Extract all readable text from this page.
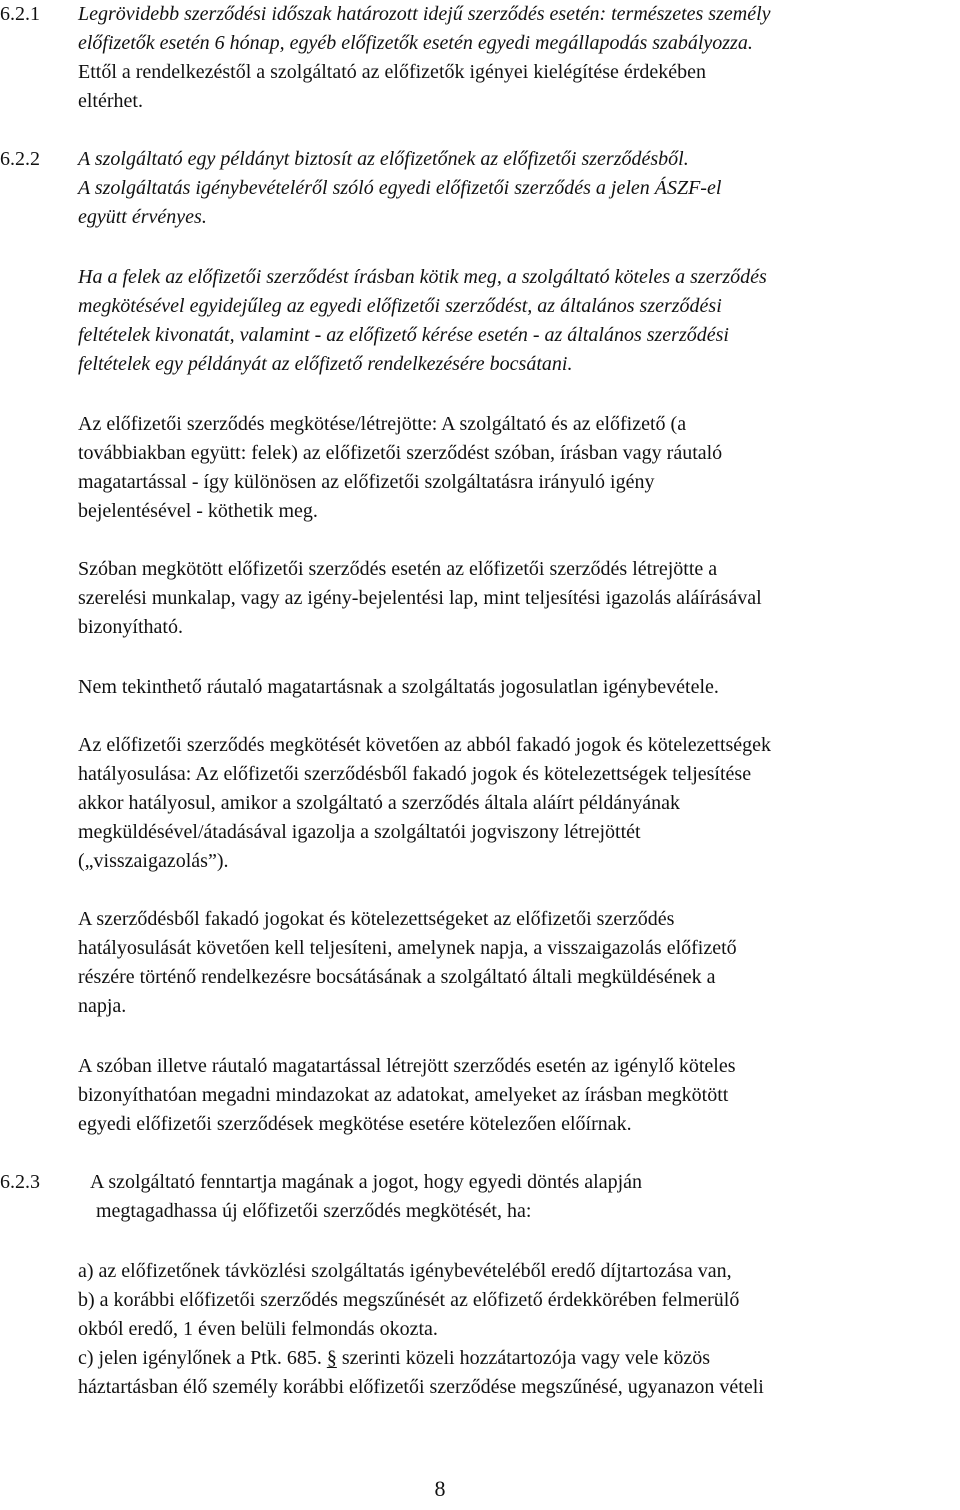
6.2.1 Legrövidebb szerződési időszak határozott idejű szerződés esetén: természetes személy
előfizetők esetén 6 hónap, egyéb előfizetők esetén egyedi megállapodás szabályozza.
Ettől a rendelkezéstől a szolgáltató az előfizetők igényei kielégítése érdekében
eltérhet.
6.2.2 A szolgáltató egy példányt biztosít az előfizetőnek az előfizetői szerződésből.
A szolgáltatás igénybevételéről szóló egyedi előfizetői szerződés a jelen ÁSZF-el
együtt érvényes.
Ha a felek az előfizetői szerződést írásban kötik meg, a szolgáltató köteles a szerződés
megkötésével egyidejűleg az egyedi előfizetői szerződést, az általános szerződési
feltételek kivonatát, valamint - az előfizető kérése esetén - az általános szerződési
feltételek egy példányát az előfizető rendelkezésére bocsátani.
Az előfizetői szerződés megkötése/létrejötte: A szolgáltató és az előfizető (a
továbbiakban együtt: felek) az előfizetői szerződést szóban, írásban vagy ráutaló
magatartással - így különösen az előfizetői szolgáltatásra irányuló igény
bejelentésével - köthetik meg.
Szóban megkötött előfizetői szerződés esetén az előfizetői szerződés létrejötte a
szerelési munkalap, vagy az igény-bejelentési lap, mint teljesítési igazolás aláírásával
bizonyítható.
Nem tekinthető ráutaló magatartásnak a szolgáltatás jogosulatlan igénybevétele.
Az előfizetői szerződés megkötését követően az abból fakadó jogok és kötelezettségek
hatályosulása: Az előfizetői szerződésből fakadó jogok és kötelezettségek teljesítése
akkor hatályosul, amikor a szolgáltató a szerződés általa aláírt példányának
megküldésével/átadásával igazolja a szolgáltatói jogviszony létrejöttét
(„visszaigazolás”).
A szerződésből fakadó jogokat és kötelezettségeket az előfizetői szerződés
hatályosulását követően kell teljesíteni, amelynek napja, a visszaigazolás előfizető
részére történő rendelkezésre bocsátásának a szolgáltató általi megküldésének a
napja.
A szóban illetve ráutaló magatartással létrejött szerződés esetén az igénylő köteles
bizonyíthatóan megadni mindazokat az adatokat, amelyeket az írásban megkötött
egyedi előfizetői szerződések megkötése esetére kötelezően előírnak.
6.2.3	A szolgáltató fenntartja magának a jogot, hogy egyedi döntés alapján
megtagadhassa új előfizetői szerződés megkötését, ha:
a) az előfizetőnek távközlési szolgáltatás igénybevételéből eredő díjtartozása van,
b) a korábbi előfizetői szerződés megszűnését az előfizető érdekkörében felmerülő
okból eredő, 1 éven belüli felmondás okozta.
c) jelen igénylőnek a Ptk. 685. § szerinti közeli hozzátartozója vagy vele közös
háztartásban élő személy korábbi előfizetői szerződése megszűnésé, ugyanazon vételi
8
